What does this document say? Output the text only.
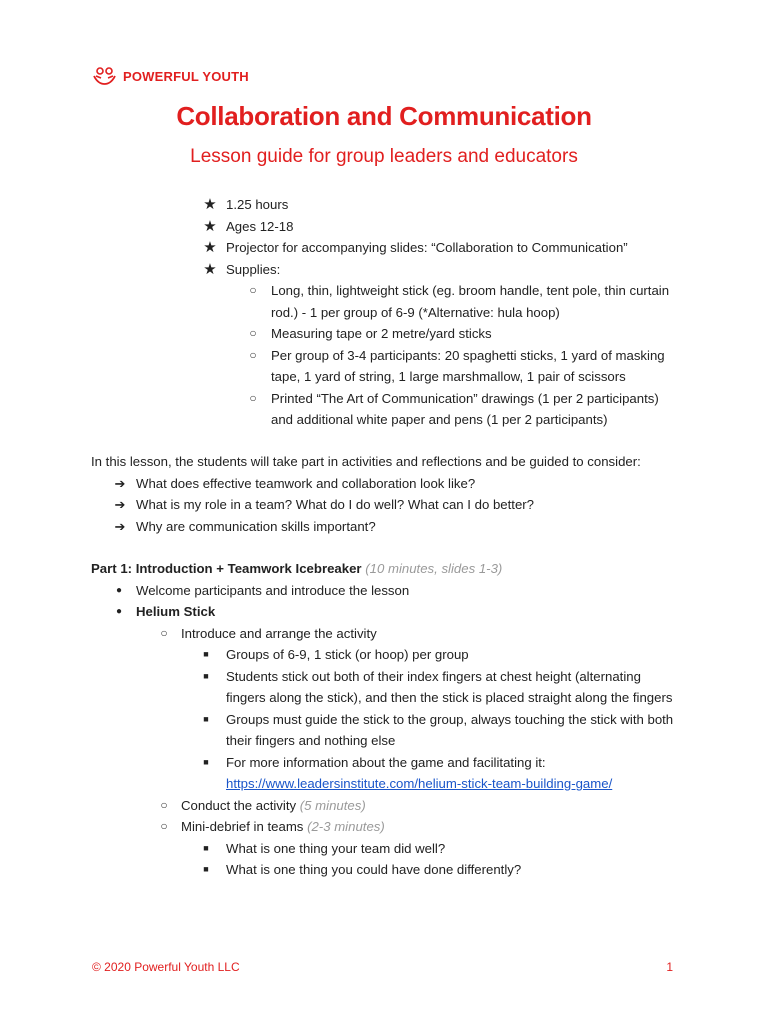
POWERFUL YOUTH
Collaboration and Communication
Lesson guide for group leaders and educators
★ 1.25 hours
★ Ages 12-18
★ Projector for accompanying slides: “Collaboration to Communication”
★ Supplies:
○ Long, thin, lightweight stick (eg. broom handle, tent pole, thin curtain
rod.) - 1 per group of 6-9 (*Alternative: hula hoop)
○ Measuring tape or 2 metre/yard sticks
○ Per group of 3-4 participants: 20 spaghetti sticks, 1 yard of masking
tape, 1 yard of string, 1 large marshmallow, 1 pair of scissors
○ Printed “The Art of Communication” drawings (1 per 2 participants)
and additional white paper and pens (1 per 2 participants)
In this lesson, the students will take part in activities and reflections and be guided to consider:
➔ What does effective teamwork and collaboration look like?
➔ What is my role in a team? What do I do well? What can I do better?
➔ Why are communication skills important?
Part 1: Introduction + Teamwork Icebreaker (10 minutes, slides 1-3)
●	Welcome participants and introduce the lesson
●	Helium Stick
○ Introduce and arrange the activity
■ Groups of 6-9, 1 stick (or hoop) per group
■ Students stick out both of their index fingers at chest height (alternating
fingers along the stick), and then the stick is placed straight along the fingers
■ Groups must guide the stick to the group, always touching the stick with both
their fingers and nothing else
■ For more information about the game and facilitating it:
https://www.leadersinstitute.com/helium-stick-team-building-game/
○ Conduct the activity (5 minutes)
○ Mini-debrief in teams (2-3 minutes)
■ What is one thing your team did well?
■ What is one thing you could have done differently?
© 2020 Powerful Youth LLC	1
